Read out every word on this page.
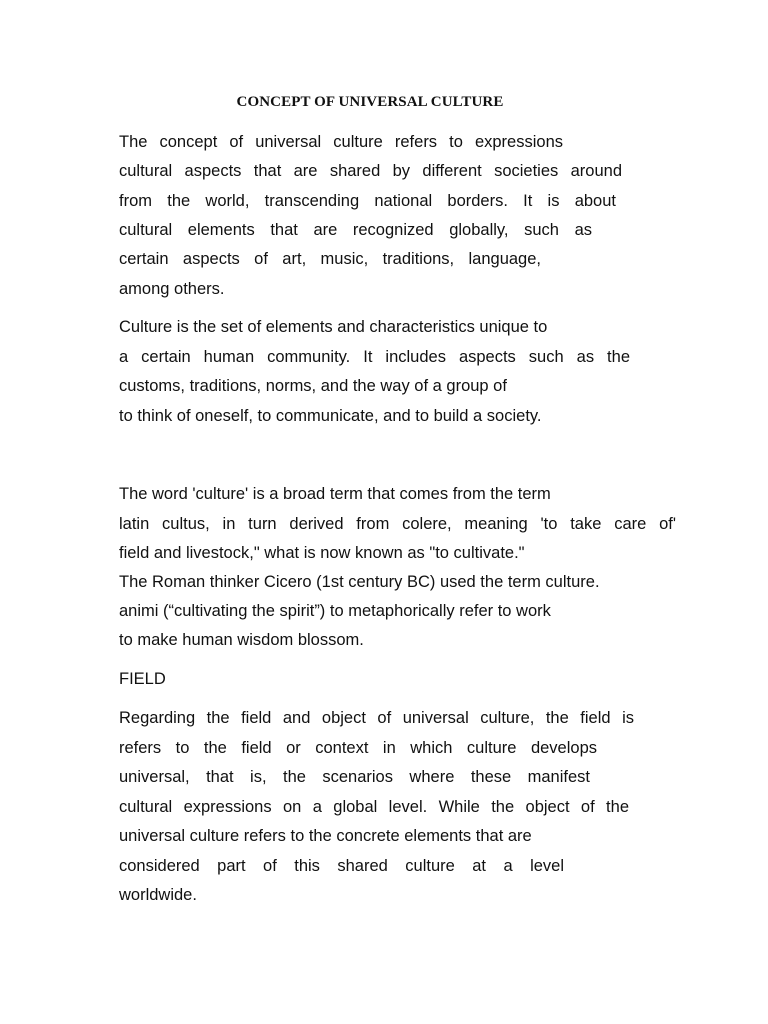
CONCEPT OF UNIVERSAL CULTURE

The concept of universal culture refers to expressions

cultural aspects that are shared by different societies around

from the world, transcending national borders. It is about

cultural elements that are recognized globally, such as

certain aspects of art, music, traditions, language,

among others.

Culture is the set of elements and characteristics unique to

a certain human community. It includes aspects such as the

customs, traditions, norms, and the way of a group of

to think of oneself, to communicate, and to build a society.

The word 'culture' is a broad term that comes from the term

latin cultus, in turn derived from colere, meaning 'to take care of'

field and livestock," what is now known as "to cultivate."

The Roman thinker Cicero (1st century BC) used the term culture.

animi (“cultivating the spirit”) to metaphorically refer to work

to make human wisdom blossom.

FIELD

Regarding the field and object of universal culture, the field is

refers to the field or context in which culture develops

universal, that is, the scenarios where these manifest

cultural expressions on a global level. While the object of the

universal culture refers to the concrete elements that are

considered part of this shared culture at a level

worldwide.
